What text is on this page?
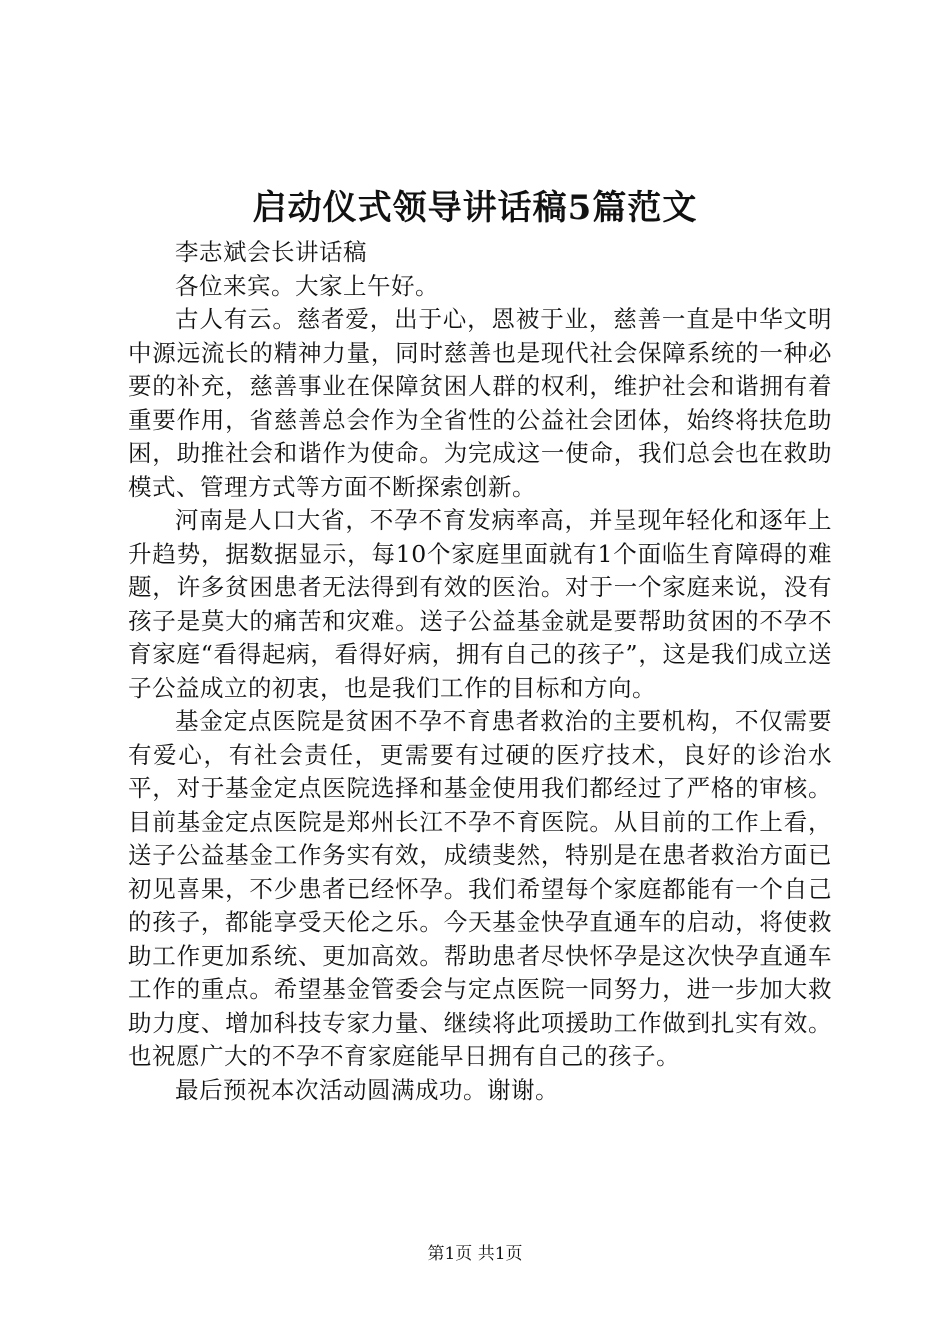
启动仪式领导讲话稿5篇范文

李志斌会长讲话稿

各位来宾。大家上午好。

古人有云。慈者爱，出于心，恩被于业，慈善一直是中华文明中源远流长的精神力量，同时慈善也是现代社会保障系统的一种必要的补充，慈善事业在保障贫困人群的权利，维护社会和谐拥有着重要作用，省慈善总会作为全省性的公益社会团体，始终将扶危助困，助推社会和谐作为使命。为完成这一使命，我们总会也在救助模式、管理方式等方面不断探索创新。

河南是人口大省，不孕不育发病率高，并呈现年轻化和逐年上升趋势，据数据显示，每10个家庭里面就有1个面临生育障碍的难题，许多贫困患者无法得到有效的医治。对于一个家庭来说，没有孩子是莫大的痛苦和灾难。送子公益基金就是要帮助贫困的不孕不育家庭“看得起病，看得好病，拥有自己的孩子”，这是我们成立送子公益成立的初衷，也是我们工作的目标和方向。

基金定点医院是贫困不孕不育患者救治的主要机构，不仅需要有爱心，有社会责任，更需要有过硬的医疗技术，良好的诊治水平，对于基金定点医院选择和基金使用我们都经过了严格的审核。目前基金定点医院是郑州长江不孕不育医院。从目前的工作上看，送子公益基金工作务实有效，成绩斐然，特别是在患者救治方面已初见喜果，不少患者已经怀孕。我们希望每个家庭都能有一个自己的孩子，都能享受天伦之乐。今天基金快孕直通车的启动，将使救助工作更加系统、更加高效。帮助患者尽快怀孕是这次快孕直通车工作的重点。希望基金管委会与定点医院一同努力，进一步加大救助力度、增加科技专家力量、继续将此项援助工作做到扎实有效。也祝愿广大的不孕不育家庭能早日拥有自己的孩子。

最后预祝本次活动圆满成功。谢谢。

第1页 共1页
